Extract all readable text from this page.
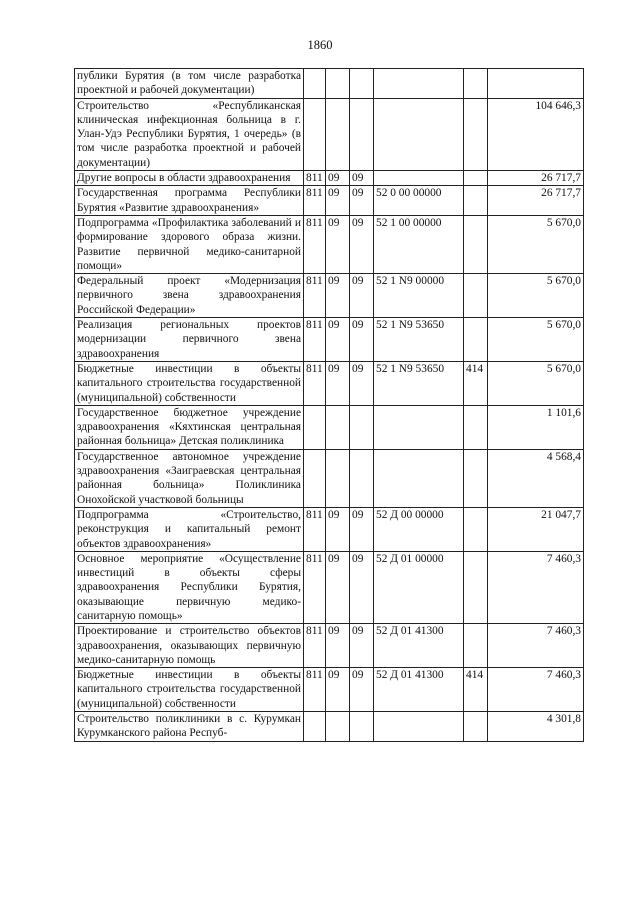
1860
публики Бурятия (в том числе разработка проектной и рабочей документации)						
Строительство «Республиканская клиническая инфекционная больница в г. Улан-Удэ Республики Бурятия, 1 очередь» (в том числе разработка проектной и рабочей документации)						104 646,3
Другие вопросы в области здравоохранения	811	09	09			26 717,7
Государственная программа Республики Бурятия «Развитие здравоохранения»	811	09	09	52 0 00 00000		26 717,7
Подпрограмма «Профилактика заболеваний и формирование здорового образа жизни. Развитие первичной медико-санитарной помощи»	811	09	09	52 1 00 00000		5 670,0
Федеральный проект «Модернизация первичного звена здравоохранения Российской Федерации»	811	09	09	52 1 N9 00000		5 670,0
Реализация региональных проектов модернизации первичного звена здравоохранения	811	09	09	52 1 N9 53650		5 670,0
Бюджетные инвестиции в объекты капитального строительства государственной (муниципальной) собственности	811	09	09	52 1 N9 53650	414	5 670,0
Государственное бюджетное учреждение здравоохранения «Кяхтинская центральная районная больница» Детская поликлиника						1 101,6
Государственное автономное учреждение здравоохранения «Заиграевская центральная районная больница» Поликлиника Онохойской участковой больницы						4 568,4
Подпрограмма «Строительство, реконструкция и капитальный ремонт объектов здравоохранения»	811	09	09	52 Д 00 00000		21 047,7
Основное мероприятие «Осуществление инвестиций в объекты сферы здравоохранения Республики Бурятия, оказывающие первичную медико-санитарную помощь»	811	09	09	52 Д 01 00000		7 460,3
Проектирование и строительство объектов здравоохранения, оказывающих первичную медико-санитарную помощь	811	09	09	52 Д 01 41300		7 460,3
Бюджетные инвестиции в объекты капитального строительства государственной (муниципальной) собственности	811	09	09	52 Д 01 41300	414	7 460,3
Строительство поликлиники в с. Курумкан Курумканского района Респуб-						4 301,8
